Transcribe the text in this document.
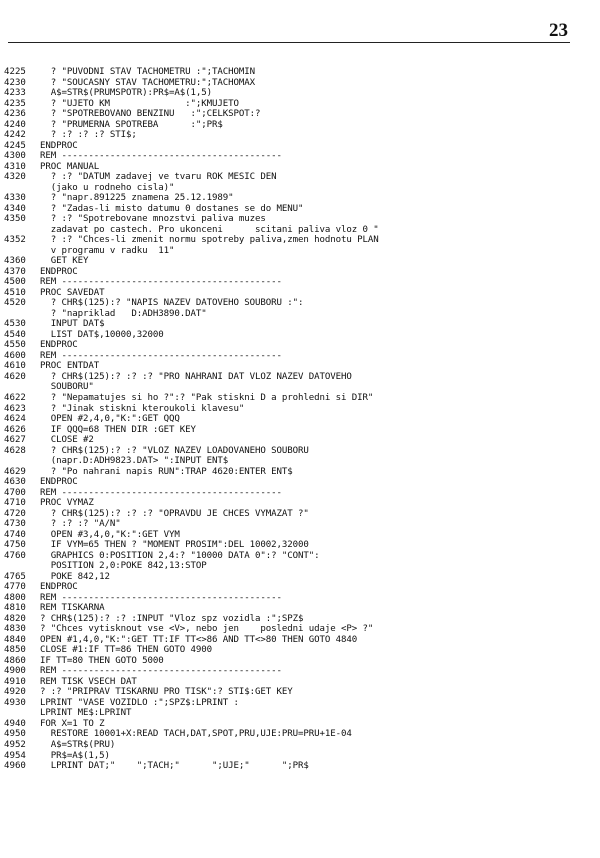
23
4225	? "PUVODNI STAV TACHOMETRU :";TACHOMIN
4230	? "SOUCASNY STAV TACHOMETRU:";TACHOMAX
4233	A$=STR$(PRUMSPOTR):PR$=A$(1,5)
4235	? "UJETO KM              :";KMUJETO
4236	? "SPOTREBOVANO BENZINU   :";CELKSPOT:?
4240	? "PRUMERNA SPOTREBA      :";PR$
4242	? :? :? :? STI$;
4245	ENDPROC
4300	REM -----------------------------------------
4310	PROC MANUAL
4320	? :? "DATUM zadavej ve tvaru ROK MESIC DEN
(jako u rodneho cisla)"
4330	? "napr.891225 znamena 25.12.1989"
4340	? "Zadas-li misto datumu 0 dostanes se do MENU"
4350	? :? "Spotrebovane mnozstvi paliva muzes
zadavat po castech. Pro ukonceni      scitani paliva vloz 0 "
4352	? :? "Chces-li zmenit normu spotreby paliva,zmen hodnotu PLAN
v programu v radku  11"
4360	GET KEY
4370	ENDPROC
4500	REM -----------------------------------------
4510	PROC SAVEDAT
4520	? CHR$(125):? "NAPIS NAZEV DATOVEHO SOUBORU :":
? "napriklad   D:ADH3890.DAT"
4530	INPUT DAT$
4540	LIST DAT$,10000,32000
4550	ENDPROC
4600	REM -----------------------------------------
4610	PROC ENTDAT
4620	? CHR$(125):? :? :? "PRO NAHRANI DAT VLOZ NAZEV DATOVEHO
SOUBORU"
4622	? "Nepamatujes si ho ?":? "Pak stiskni D a prohledni si DIR"
4623	? "Jinak stiskni kteroukoli klavesu"
4624	OPEN #2,4,0,"K:":GET QQQ
4626	IF QQQ=68 THEN DIR :GET KEY
4627	CLOSE #2
4628	? CHR$(125):? :? "VLOZ NAZEV LOADOVANEHO SOUBORU
(napr.D:ADH9823.DAT> ":INPUT ENT$
4629	? "Po nahrani napis RUN":TRAP 4620:ENTER ENT$
4630	ENDPROC
4700	REM -----------------------------------------
4710	PROC VYMAZ
4720	? CHR$(125):? :? :? "OPRAVDU JE CHCES VYMAZAT ?"
4730	? :? :? "A/N"
4740	OPEN #3,4,0,"K:":GET VYM
4750	IF VYM=65 THEN ? "MOMENT PROSIM":DEL 10002,32000
4760	GRAPHICS 0:POSITION 2,4:? "10000 DATA 0":? "CONT":
POSITION 2,0:POKE 842,13:STOP
4765	POKE 842,12
4770	ENDPROC
4800	REM -----------------------------------------
4810	REM TISKARNA
4820	? CHR$(125):? :? :INPUT "Vloz spz vozidla :";SPZ$
4830	? "Chces vytisknout vse <V>, nebo jen    posledni udaje <P> ?"
4840	OPEN #1,4,0,"K:":GET TT:IF TT<>86 AND TT<>80 THEN GOTO 4840
4850	CLOSE #1:IF TT=86 THEN GOTO 4900
4860	IF TT=80 THEN GOTO 5000
4900	REM -----------------------------------------
4910	REM TISK VSECH DAT
4920	? :? "PRIPRAV TISKARNU PRO TISK":? STI$:GET KEY
4930	LPRINT "VASE VOZIDLO :";SPZ$:LPRINT :
LPRINT ME$:LPRINT
4940	FOR X=1 TO Z
4950	RESTORE 10001+X:READ TACH,DAT,SPOT,PRU,UJE:PRU=PRU+1E-04
4952	A$=STR$(PRU)
4954	PR$=A$(1,5)
4960	LPRINT DAT;"    ";TACH;"      ";UJE;"      ";PR$
